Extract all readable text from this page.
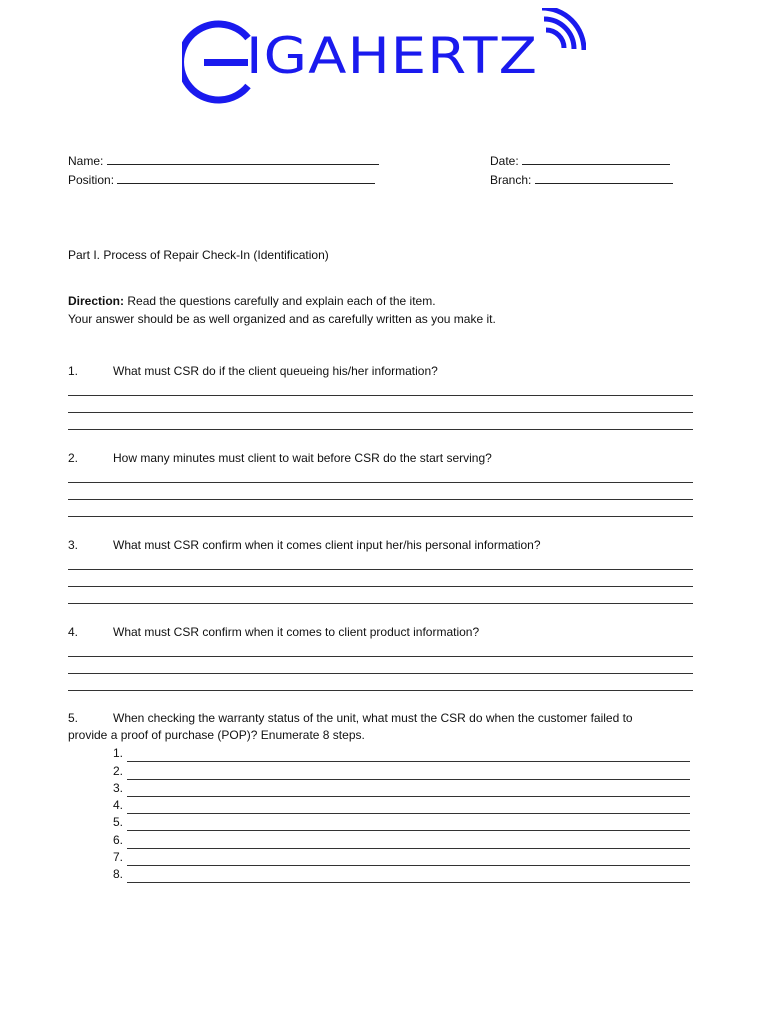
IGAHERTZ
Name:
Position:
Date:
Branch:
Part I. Process of Repair Check-In (Identification)
Direction: Read the questions carefully and explain each of the item.
Your answer should be as well organized and as carefully written as you make it.
1.	What must CSR do if the client queueing his/her information?
2.	How many minutes must client to wait before CSR do the start serving?
3.	What must CSR confirm when it comes client input her/his personal information?
4.	What must CSR confirm when it comes to client product information?
5.	When checking the warranty status of the unit, what must the CSR do when the customer failed to
provide a proof of purchase (POP)? Enumerate 8 steps.
1.
2.
3.
4.
5.
6.
7.
8.
